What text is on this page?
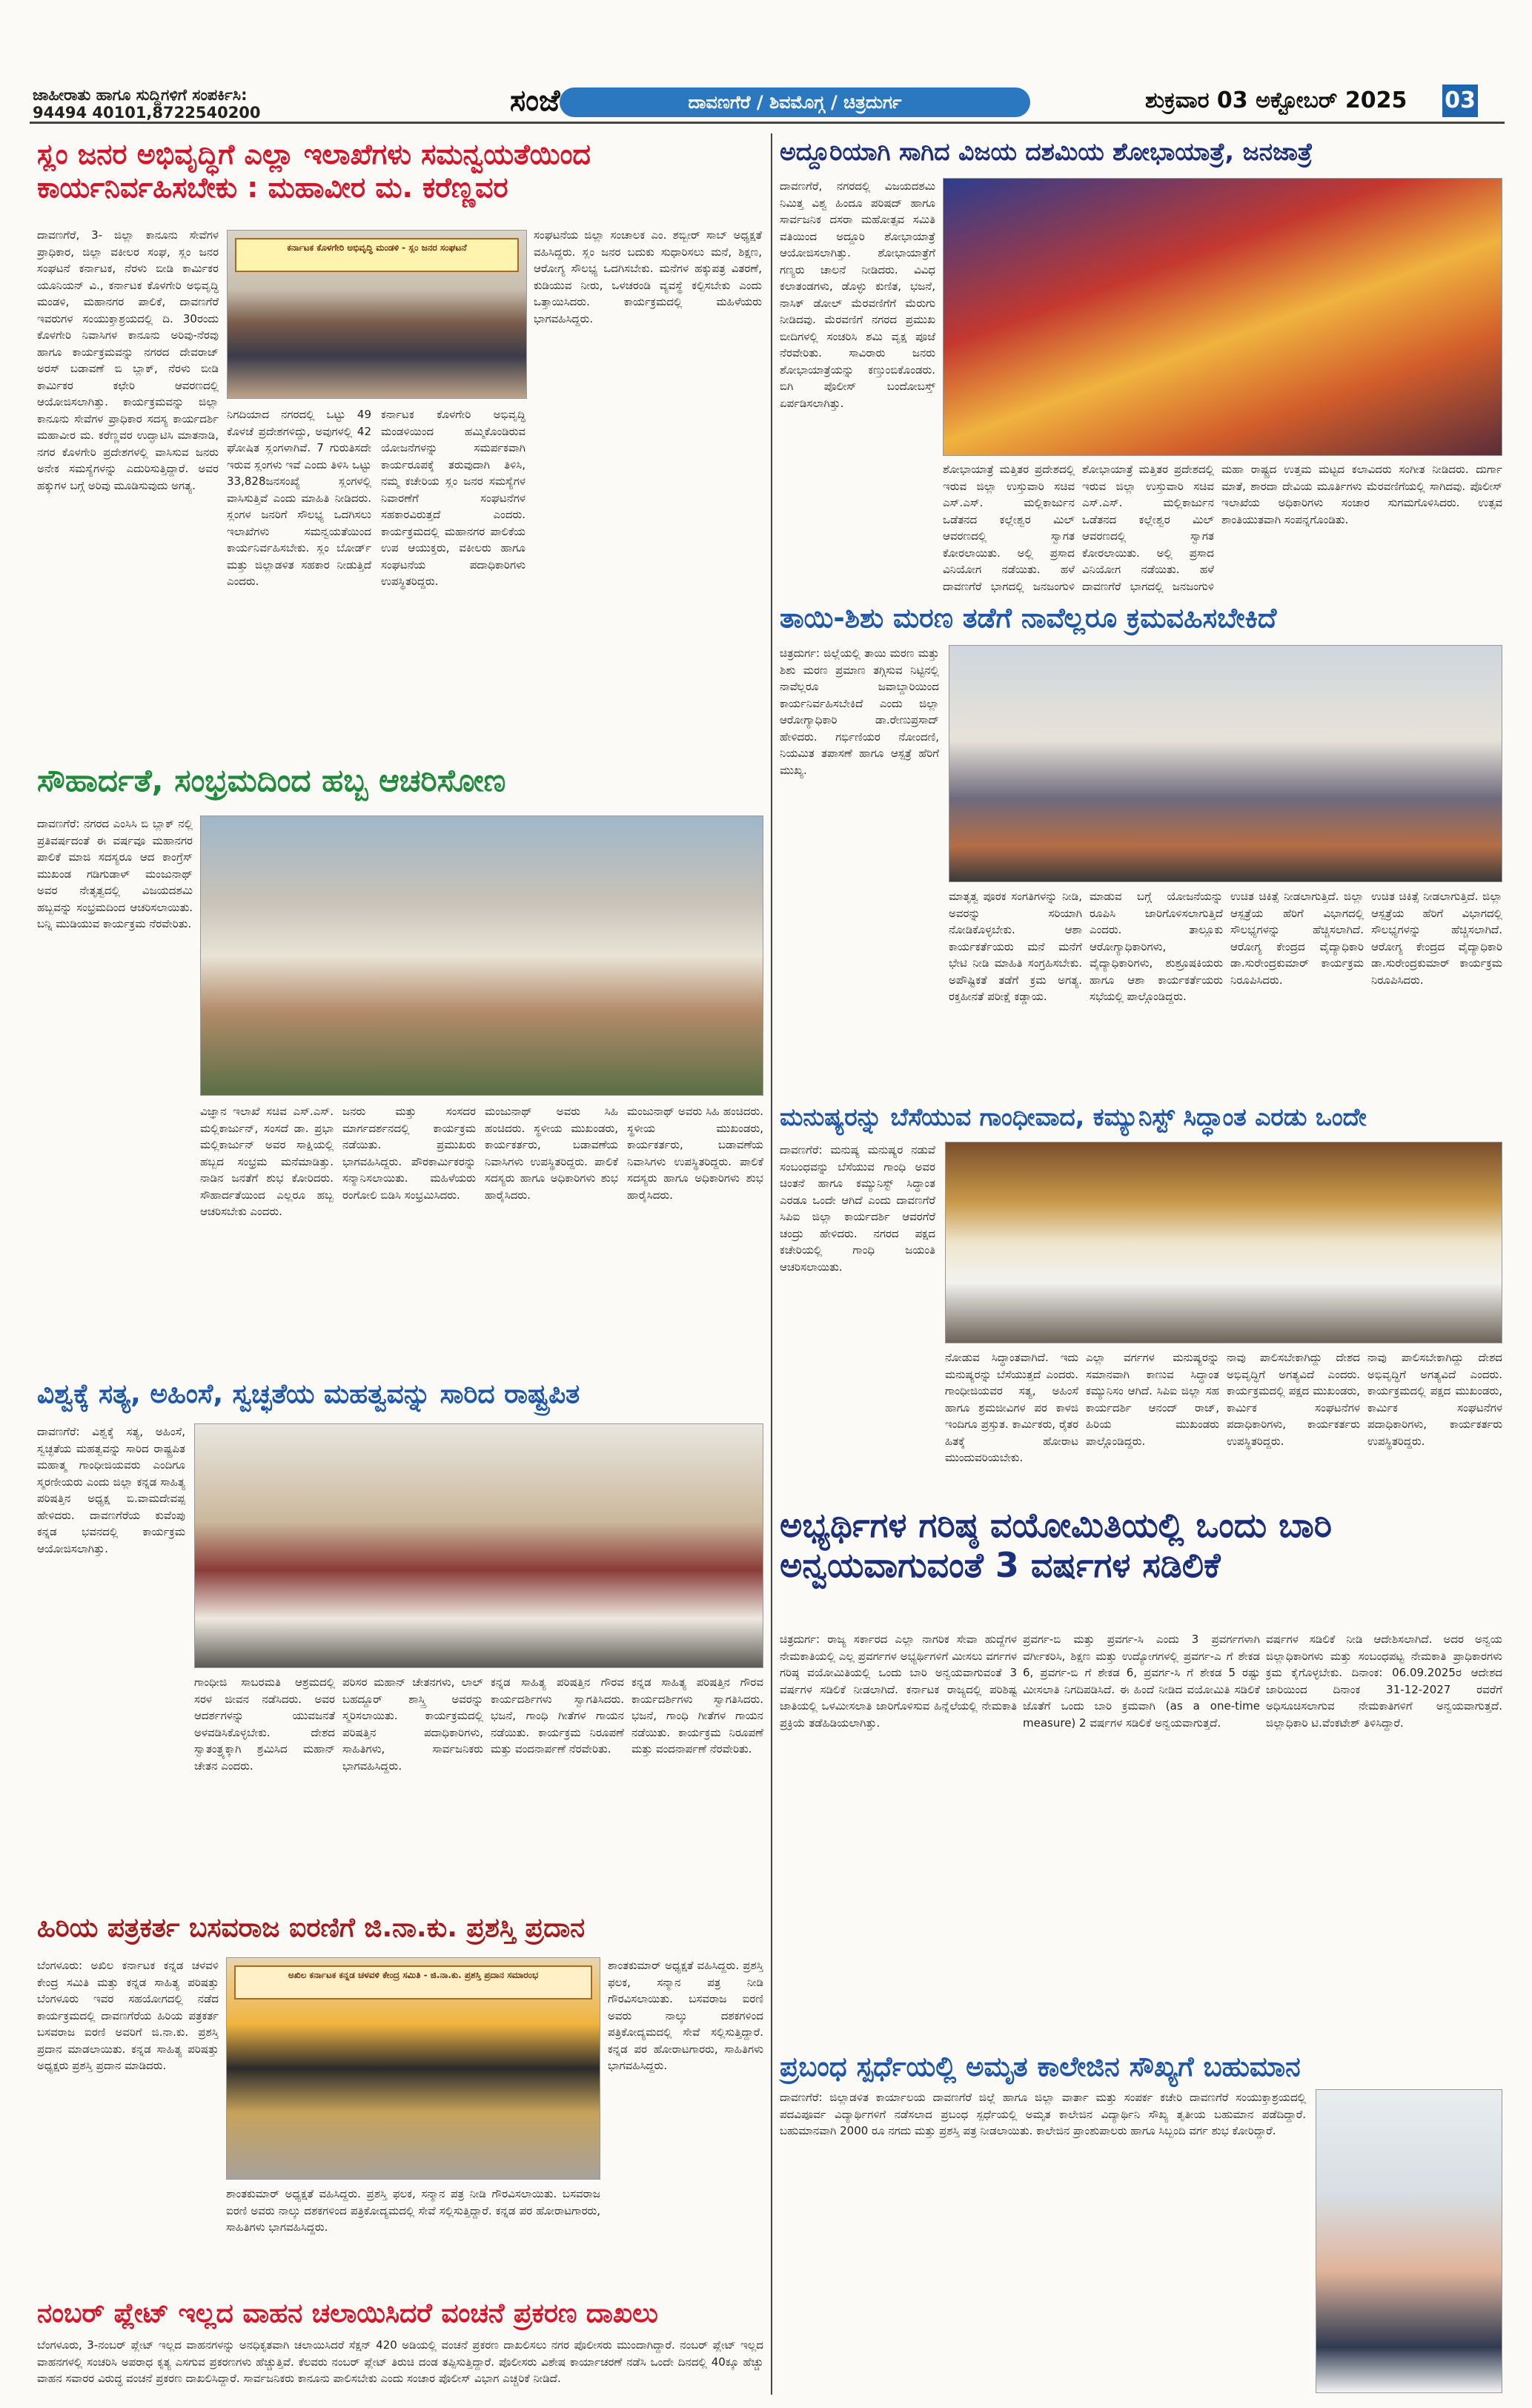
ಜಾಹೀರಾತು ಹಾಗೂ ಸುದ್ದಿಗಳಿಗೆ ಸಂಪರ್ಕಿಸಿ:
94494 40101,8722540200	ಸಂಜೆ	ದಾವಣಗೆರೆ / ಶಿವಮೊಗ್ಗ / ಚಿತ್ರದುರ್ಗ	ಶುಕ್ರವಾರ 03 ಅಕ್ಟೋಬರ್ 2025 03
ಸ್ಲಂ ಜನರ ಅಭಿವೃದ್ಧಿಗೆ ಎಲ್ಲಾ ಇಲಾಖೆಗಳು ಸಮನ್ವಯತೆಯಿಂದ ಕಾರ್ಯನಿರ್ವಹಿಸಬೇಕು : ಮಹಾವೀರ ಮ. ಕರೆಣ್ಣವರ
ಕರ್ನಾಟಕ ಕೊಳಗೇರಿ ಅಭಿವೃದ್ಧಿ ಮಂಡಳಿ - ಸ್ಲಂ ಜನರ ಸಂಘಟನೆ
ದಾವಣಗೆರೆ, 3- ಜಿಲ್ಲಾ ಕಾನೂನು ಸೇವೆಗಳ ಪ್ರಾಧಿಕಾರ, ಜಿಲ್ಲಾ ವಕೀಲರ ಸಂಘ, ಸ್ಲಂ ಜನರ ಸಂಘಟನೆ ಕರ್ನಾಟಕ, ನೆರಳು ಬೀಡಿ ಕಾರ್ಮಿಕರ ಯೂನಿಯನ್ ವಿ., ಕರ್ನಾಟಕ ಕೊಳಗೇರಿ ಅಭಿವೃದ್ಧಿ ಮಂಡಳಿ, ಮಹಾನಗರ ಪಾಲಿಕೆ, ದಾವಣಗೆರೆ ಇವರುಗಳ ಸಂಯುಕ್ತಾಶ್ರಯದಲ್ಲಿ ದಿ. 30ರಂದು ಕೊಳಗೇರಿ ನಿವಾಸಿಗಳ ಕಾನೂನು ಅರಿವು-ನೆರವು ಹಾಗೂ ಕಾರ್ಯಕ್ರಮವನ್ನು ನಗರದ ದೇವರಾಜ್ ಅರಸ್ ಬಡಾವಣೆ ಬಿ ಬ್ಲಾಕ್, ನೆರಳು ಬೀಡಿ ಕಾರ್ಮಿಕರ ಕಛೇರಿ ಆವರಣದಲ್ಲಿ ಆಯೋಜಿಸಲಾಗಿತ್ತು. ಕಾರ್ಯಕ್ರಮವನ್ನು ಜಿಲ್ಲಾ ಕಾನೂನು ಸೇವೆಗಳ ಪ್ರಾಧಿಕಾರ ಸದಸ್ಯ ಕಾರ್ಯದರ್ಶಿ ಮಹಾವೀರ ಮ. ಕರೆಣ್ಣವರ ಉದ್ಘಾಟಿಸಿ ಮಾತನಾಡಿ, ನಗರ ಕೊಳಗೇರಿ ಪ್ರದೇಶಗಳಲ್ಲಿ ವಾಸಿಸುವ ಜನರು ಅನೇಕ ಸಮಸ್ಯೆಗಳನ್ನು ಎದುರಿಸುತ್ತಿದ್ದಾರೆ. ಅವರ ಹಕ್ಕುಗಳ ಬಗ್ಗೆ ಅರಿವು ಮೂಡಿಸುವುದು ಅಗತ್ಯ.
ನಿಗದಿಯಾದ ನಗರದಲ್ಲಿ ಒಟ್ಟು 49 ಕೊಳಚೆ ಪ್ರದೇಶಗಳಿದ್ದು, ಅವುಗಳಲ್ಲಿ 42 ಘೋಷಿತ ಸ್ಲಂಗಳಾಗಿವೆ. 7 ಗುರುತಿಸದೇ ಇರುವ ಸ್ಲಂಗಳು ಇವೆ ಎಂದು ತಿಳಿಸಿ ಒಟ್ಟು 33,828ಜನಸಂಖ್ಯೆ ಸ್ಲಂಗಳಲ್ಲಿ ವಾಸಿಸುತ್ತಿವೆ ಎಂದು ಮಾಹಿತಿ ನೀಡಿದರು. ಸ್ಲಂಗಳ ಜನರಿಗೆ ಸೌಲಭ್ಯ ಒದಗಿಸಲು ಇಲಾಖೆಗಳು ಸಮನ್ವಯತೆಯಿಂದ ಕಾರ್ಯನಿರ್ವಹಿಸಬೇಕು. ಸ್ಲಂ ಬೋರ್ಡ್ ಮತ್ತು ಜಿಲ್ಲಾಡಳಿತ ಸಹಕಾರ ನೀಡುತ್ತಿದೆ ಎಂದರು.
ಕರ್ನಾಟಕ ಕೊಳಗೇರಿ ಅಭಿವೃದ್ಧಿ ಮಂಡಳಿಯಿಂದ ಹಮ್ಮಿಕೊಂಡಿರುವ ಯೋಜನೆಗಳನ್ನು ಸಮರ್ಪಕವಾಗಿ ಕಾರ್ಯರೂಪಕ್ಕೆ ತರುವುದಾಗಿ ತಿಳಿಸಿ, ನಮ್ಮ ಕಚೇರಿಯ ಸ್ಲಂ ಜನರ ಸಮಸ್ಯೆಗಳ ನಿವಾರಣೆಗೆ ಸಂಘಟನೆಗಳ ಸಹಕಾರವಿರುತ್ತದೆ ಎಂದರು. ಕಾರ್ಯಕ್ರಮದಲ್ಲಿ ಮಹಾನಗರ ಪಾಲಿಕೆಯ ಉಪ ಆಯುಕ್ತರು, ವಕೀಲರು ಹಾಗೂ ಸಂಘಟನೆಯ ಪದಾಧಿಕಾರಿಗಳು ಉಪಸ್ಥಿತರಿದ್ದರು.
ಸಂಘಟನೆಯ ಜಿಲ್ಲಾ ಸಂಚಾಲಕ ಎಂ. ಶಬ್ಬೀರ್ ಸಾಬ್ ಅಧ್ಯಕ್ಷತೆ ವಹಿಸಿದ್ದರು. ಸ್ಲಂ ಜನರ ಬದುಕು ಸುಧಾರಿಸಲು ಮನೆ, ಶಿಕ್ಷಣ, ಆರೋಗ್ಯ ಸೌಲಭ್ಯ ಒದಗಿಸಬೇಕು. ಮನೆಗಳ ಹಕ್ಕುಪತ್ರ ವಿತರಣೆ, ಕುಡಿಯುವ ನೀರು, ಒಳಚರಂಡಿ ವ್ಯವಸ್ಥೆ ಕಲ್ಪಿಸಬೇಕು ಎಂದು ಒತ್ತಾಯಿಸಿದರು. ಕಾರ್ಯಕ್ರಮದಲ್ಲಿ ಮಹಿಳೆಯರು ಭಾಗವಹಿಸಿದ್ದರು.
ಸೌಹಾರ್ದತೆ, ಸಂಭ್ರಮದಿಂದ ಹಬ್ಬ ಆಚರಿಸೋಣ
ದಾವಣಗೆರೆ: ನಗರದ ಎಂಸಿಸಿ ಬಿ ಬ್ಲಾಕ್ ನಲ್ಲಿ ಪ್ರತಿವರ್ಷದಂತೆ ಈ ವರ್ಷವೂ ಮಹಾನಗರ ಪಾಲಿಕೆ ಮಾಜಿ ಸದಸ್ಯರೂ ಆದ ಕಾಂಗ್ರೆಸ್ ಮುಖಂಡ ಗಡಿಗುಡಾಳ್ ಮಂಜುನಾಥ್ ಅವರ ನೇತೃತ್ವದಲ್ಲಿ ವಿಜಯದಶಮಿ ಹಬ್ಬವನ್ನು ಸಂಭ್ರಮದಿಂದ ಆಚರಿಸಲಾಯಿತು. ಬನ್ನಿ ಮುಡಿಯುವ ಕಾರ್ಯಕ್ರಮ ನೆರವೇರಿತು.
ವಿಜ್ಞಾನ ಇಲಾಖೆ ಸಚಿವ ಎಸ್.ಎಸ್. ಮಲ್ಲಿಕಾರ್ಜುನ್, ಸಂಸದೆ ಡಾ. ಪ್ರಭಾ ಮಲ್ಲಿಕಾರ್ಜುನ್ ಅವರ ಸಾಕ್ಷಿಯಲ್ಲಿ ಹಬ್ಬದ ಸಂಭ್ರಮ ಮನೆಮಾಡಿತ್ತು. ನಾಡಿನ ಜನತೆಗೆ ಶುಭ ಕೋರಿದರು. ಸೌಹಾರ್ದತೆಯಿಂದ ಎಲ್ಲರೂ ಹಬ್ಬ ಆಚರಿಸಬೇಕು ಎಂದರು.
ಜನರು ಮತ್ತು ಸಂಸದರ ಮಾರ್ಗದರ್ಶನದಲ್ಲಿ ಕಾರ್ಯಕ್ರಮ ನಡೆಯಿತು. ಪ್ರಮುಖರು ಭಾಗವಹಿಸಿದ್ದರು. ಪೌರಕಾರ್ಮಿಕರನ್ನು ಸನ್ಮಾನಿಸಲಾಯಿತು. ಮಹಿಳೆಯರು ರಂಗೋಲಿ ಬಿಡಿಸಿ ಸಂಭ್ರಮಿಸಿದರು.
ಮಂಜುನಾಥ್ ಅವರು ಸಿಹಿ ಹಂಚಿದರು. ಸ್ಥಳೀಯ ಮುಖಂಡರು, ಕಾರ್ಯಕರ್ತರು, ಬಡಾವಣೆಯ ನಿವಾಸಿಗಳು ಉಪಸ್ಥಿತರಿದ್ದರು. ಪಾಲಿಕೆ ಸದಸ್ಯರು ಹಾಗೂ ಅಧಿಕಾರಿಗಳು ಶುಭ ಹಾರೈಸಿದರು.
ಮಂಜುನಾಥ್ ಅವರು ಸಿಹಿ ಹಂಚಿದರು. ಸ್ಥಳೀಯ ಮುಖಂಡರು, ಕಾರ್ಯಕರ್ತರು, ಬಡಾವಣೆಯ ನಿವಾಸಿಗಳು ಉಪಸ್ಥಿತರಿದ್ದರು. ಪಾಲಿಕೆ ಸದಸ್ಯರು ಹಾಗೂ ಅಧಿಕಾರಿಗಳು ಶುಭ ಹಾರೈಸಿದರು.
ವಿಶ್ವಕ್ಕೆ ಸತ್ಯ, ಅಹಿಂಸೆ, ಸ್ವಚ್ಛತೆಯ ಮಹತ್ವವನ್ನು ಸಾರಿದ ರಾಷ್ಟ್ರಪಿತ
ದಾವಣಗೆರೆ: ವಿಶ್ವಕ್ಕೆ ಸತ್ಯ, ಅಹಿಂಸೆ, ಸ್ವಚ್ಛತೆಯ ಮಹತ್ವವನ್ನು ಸಾರಿದ ರಾಷ್ಟ್ರಪಿತ ಮಹಾತ್ಮ ಗಾಂಧೀಜಿಯವರು ಎಂದಿಗೂ ಸ್ಮರಣೀಯರು ಎಂದು ಜಿಲ್ಲಾ ಕನ್ನಡ ಸಾಹಿತ್ಯ ಪರಿಷತ್ತಿನ ಅಧ್ಯಕ್ಷ ಬಿ.ವಾಮದೇವಪ್ಪ ಹೇಳಿದರು. ದಾವಣಗೆರೆಯ ಕುವೆಂಪು ಕನ್ನಡ ಭವನದಲ್ಲಿ ಕಾರ್ಯಕ್ರಮ ಆಯೋಜಿಸಲಾಗಿತ್ತು.
ಗಾಂಧೀಜಿ ಸಾಬರಮತಿ ಆಶ್ರಮದಲ್ಲಿ ಸರಳ ಜೀವನ ನಡೆಸಿದರು. ಅವರ ಆದರ್ಶಗಳನ್ನು ಯುವಜನತೆ ಅಳವಡಿಸಿಕೊಳ್ಳಬೇಕು. ದೇಶದ ಸ್ವಾತಂತ್ರ್ಯಕ್ಕಾಗಿ ಶ್ರಮಿಸಿದ ಮಹಾನ್ ಚೇತನ ಎಂದರು.
ಪರಿಸರ ಮಹಾನ್ ಚೇತನಗಳು, ಲಾಲ್ ಬಹದ್ದೂರ್ ಶಾಸ್ತ್ರಿ ಅವರನ್ನು ಸ್ಮರಿಸಲಾಯಿತು. ಕಾರ್ಯಕ್ರಮದಲ್ಲಿ ಪರಿಷತ್ತಿನ ಪದಾಧಿಕಾರಿಗಳು, ಸಾಹಿತಿಗಳು, ಸಾರ್ವಜನಿಕರು ಭಾಗವಹಿಸಿದ್ದರು.
ಕನ್ನಡ ಸಾಹಿತ್ಯ ಪರಿಷತ್ತಿನ ಗೌರವ ಕಾರ್ಯದರ್ಶಿಗಳು ಸ್ವಾಗತಿಸಿದರು. ಭಜನೆ, ಗಾಂಧಿ ಗೀತೆಗಳ ಗಾಯನ ನಡೆಯಿತು. ಕಾರ್ಯಕ್ರಮ ನಿರೂಪಣೆ ಮತ್ತು ವಂದನಾರ್ಪಣೆ ನೆರವೇರಿತು.
ಕನ್ನಡ ಸಾಹಿತ್ಯ ಪರಿಷತ್ತಿನ ಗೌರವ ಕಾರ್ಯದರ್ಶಿಗಳು ಸ್ವಾಗತಿಸಿದರು. ಭಜನೆ, ಗಾಂಧಿ ಗೀತೆಗಳ ಗಾಯನ ನಡೆಯಿತು. ಕಾರ್ಯಕ್ರಮ ನಿರೂಪಣೆ ಮತ್ತು ವಂದನಾರ್ಪಣೆ ನೆರವೇರಿತು.
ಹಿರಿಯ ಪತ್ರಕರ್ತ ಬಸವರಾಜ ಐರಣಿಗೆ ಜಿ.ನಾ.ಕು. ಪ್ರಶಸ್ತಿ ಪ್ರದಾನ
ಬೆಂಗಳೂರು: ಅಖಿಲ ಕರ್ನಾಟಕ ಕನ್ನಡ ಚಳವಳಿ ಕೇಂದ್ರ ಸಮಿತಿ ಮತ್ತು ಕನ್ನಡ ಸಾಹಿತ್ಯ ಪರಿಷತ್ತು ಬೆಂಗಳೂರು ಇವರ ಸಹಯೋಗದಲ್ಲಿ ನಡೆದ ಕಾರ್ಯಕ್ರಮದಲ್ಲಿ ದಾವಣಗೆರೆಯ ಹಿರಿಯ ಪತ್ರಕರ್ತ ಬಸವರಾಜ ಐರಣಿ ಅವರಿಗೆ ಜಿ.ನಾ.ಕು. ಪ್ರಶಸ್ತಿ ಪ್ರದಾನ ಮಾಡಲಾಯಿತು. ಕನ್ನಡ ಸಾಹಿತ್ಯ ಪರಿಷತ್ತು ಅಧ್ಯಕ್ಷರು ಪ್ರಶಸ್ತಿ ಪ್ರದಾನ ಮಾಡಿದರು.
ಅಖಿಲ ಕರ್ನಾಟಕ ಕನ್ನಡ ಚಳವಳಿ ಕೇಂದ್ರ ಸಮಿತಿ - ಜಿ.ನಾ.ಕು. ಪ್ರಶಸ್ತಿ ಪ್ರದಾನ ಸಮಾರಂಭ
ಶಾಂತಕುಮಾರ್ ಅಧ್ಯಕ್ಷತೆ ವಹಿಸಿದ್ದರು. ಪ್ರಶಸ್ತಿ ಫಲಕ, ಸನ್ಮಾನ ಪತ್ರ ನೀಡಿ ಗೌರವಿಸಲಾಯಿತು. ಬಸವರಾಜ ಐರಣಿ ಅವರು ನಾಲ್ಕು ದಶಕಗಳಿಂದ ಪತ್ರಿಕೋದ್ಯಮದಲ್ಲಿ ಸೇವೆ ಸಲ್ಲಿಸುತ್ತಿದ್ದಾರೆ. ಕನ್ನಡ ಪರ ಹೋರಾಟಗಾರರು, ಸಾಹಿತಿಗಳು ಭಾಗವಹಿಸಿದ್ದರು.
ಶಾಂತಕುಮಾರ್ ಅಧ್ಯಕ್ಷತೆ ವಹಿಸಿದ್ದರು. ಪ್ರಶಸ್ತಿ ಫಲಕ, ಸನ್ಮಾನ ಪತ್ರ ನೀಡಿ ಗೌರವಿಸಲಾಯಿತು. ಬಸವರಾಜ ಐರಣಿ ಅವರು ನಾಲ್ಕು ದಶಕಗಳಿಂದ ಪತ್ರಿಕೋದ್ಯಮದಲ್ಲಿ ಸೇವೆ ಸಲ್ಲಿಸುತ್ತಿದ್ದಾರೆ. ಕನ್ನಡ ಪರ ಹೋರಾಟಗಾರರು, ಸಾಹಿತಿಗಳು ಭಾಗವಹಿಸಿದ್ದರು.
ನಂಬರ್ ಪ್ಲೇಟ್ ಇಲ್ಲದ ವಾಹನ ಚಲಾಯಿಸಿದರೆ ವಂಚನೆ ಪ್ರಕರಣ ದಾಖಲು
ಬೆಂಗಳೂರು, 3-ನಂಬರ್ ಪ್ಲೇಟ್ ಇಲ್ಲದ ವಾಹನಗಳನ್ನು ಅನಧಿಕೃತವಾಗಿ ಚಲಾಯಿಸಿದರೆ ಸೆಕ್ಷನ್ 420 ಅಡಿಯಲ್ಲಿ ವಂಚನೆ ಪ್ರಕರಣ ದಾಖಲಿಸಲು ನಗರ ಪೊಲೀಸರು ಮುಂದಾಗಿದ್ದಾರೆ. ನಂಬರ್ ಪ್ಲೇಟ್ ಇಲ್ಲದ ವಾಹನಗಳಲ್ಲಿ ಸಂಚರಿಸಿ ಅಪರಾಧ ಕೃತ್ಯ ಎಸಗುವ ಪ್ರಕರಣಗಳು ಹೆಚ್ಚುತ್ತಿವೆ. ಕೆಲವರು ನಂಬರ್ ಪ್ಲೇಟ್ ತಿರುಚಿ ದಂಡ ತಪ್ಪಿಸುತ್ತಿದ್ದಾರೆ. ಪೊಲೀಸರು ವಿಶೇಷ ಕಾರ್ಯಾಚರಣೆ ನಡೆಸಿ ಒಂದೇ ದಿನದಲ್ಲಿ 40ಕ್ಕೂ ಹೆಚ್ಚು ವಾಹನ ಸವಾರರ ವಿರುದ್ಧ ವಂಚನೆ ಪ್ರಕರಣ ದಾಖಲಿಸಿದ್ದಾರೆ. ಸಾರ್ವಜನಿಕರು ಕಾನೂನು ಪಾಲಿಸಬೇಕು ಎಂದು ಸಂಚಾರ ಪೊಲೀಸ್ ವಿಭಾಗ ಎಚ್ಚರಿಕೆ ನೀಡಿದೆ.
ಅದ್ದೂರಿಯಾಗಿ ಸಾಗಿದ ವಿಜಯ ದಶಮಿಯ ಶೋಭಾಯಾತ್ರೆ, ಜನಜಾತ್ರೆ
ದಾವಣಗೆರೆ, ನಗರದಲ್ಲಿ ವಿಜಯದಶಮಿ ನಿಮಿತ್ತ ವಿಶ್ವ ಹಿಂದೂ ಪರಿಷದ್ ಹಾಗೂ ಸಾರ್ವಜನಿಕ ದಸರಾ ಮಹೋತ್ಸವ ಸಮಿತಿ ವತಿಯಿಂದ ಅದ್ದೂರಿ ಶೋಭಾಯಾತ್ರೆ ಆಯೋಜಿಸಲಾಗಿತ್ತು. ಶೋಭಾಯಾತ್ರೆಗೆ ಗಣ್ಯರು ಚಾಲನೆ ನೀಡಿದರು. ವಿವಿಧ ಕಲಾತಂಡಗಳು, ಡೊಳ್ಳು ಕುಣಿತ, ಭಜನೆ, ನಾಸಿಕ್ ಡೋಲ್ ಮೆರವಣಿಗೆಗೆ ಮೆರುಗು ನೀಡಿದವು. ಮೆರವಣಿಗೆ ನಗರದ ಪ್ರಮುಖ ಬೀದಿಗಳಲ್ಲಿ ಸಂಚರಿಸಿ ಶಮಿ ವೃಕ್ಷ ಪೂಜೆ ನೆರವೇರಿತು. ಸಾವಿರಾರು ಜನರು ಶೋಭಾಯಾತ್ರೆಯನ್ನು ಕಣ್ತುಂಬಿಕೊಂಡರು. ಬಿಗಿ ಪೊಲೀಸ್ ಬಂದೋಬಸ್ತ್ ಏರ್ಪಡಿಸಲಾಗಿತ್ತು.
ಶೋಭಾಯಾತ್ರೆ ಮತ್ತಿತರ ಪ್ರದೇಶದಲ್ಲಿ ಇರುವ ಜಿಲ್ಲಾ ಉಸ್ತುವಾರಿ ಸಚಿವ ಎಸ್.ಎಸ್. ಮಲ್ಲಿಕಾರ್ಜುನ ಒಡೆತನದ ಕಲ್ಲೇಶ್ವರ ಮಿಲ್ ಆವರಣದಲ್ಲಿ ಸ್ವಾಗತ ಕೋರಲಾಯಿತು. ಅಲ್ಲಿ ಪ್ರಸಾದ ವಿನಿಯೋಗ ನಡೆಯಿತು. ಹಳೆ ದಾವಣಗೆರೆ ಭಾಗದಲ್ಲಿ ಜನಜಂಗುಳಿ
ಶೋಭಾಯಾತ್ರೆ ಮತ್ತಿತರ ಪ್ರದೇಶದಲ್ಲಿ ಇರುವ ಜಿಲ್ಲಾ ಉಸ್ತುವಾರಿ ಸಚಿವ ಎಸ್.ಎಸ್. ಮಲ್ಲಿಕಾರ್ಜುನ ಒಡೆತನದ ಕಲ್ಲೇಶ್ವರ ಮಿಲ್ ಆವರಣದಲ್ಲಿ ಸ್ವಾಗತ ಕೋರಲಾಯಿತು. ಅಲ್ಲಿ ಪ್ರಸಾದ ವಿನಿಯೋಗ ನಡೆಯಿತು. ಹಳೆ ದಾವಣಗೆರೆ ಭಾಗದಲ್ಲಿ ಜನಜಂಗುಳಿ
ಮಹಾ ರಾಷ್ಟ್ರದ ಉತ್ತಮ ಮಟ್ಟದ ಕಲಾವಿದರು ಸಂಗೀತ ನೀಡಿದರು. ದುರ್ಗಾ ಮಾತೆ, ಶಾರದಾ ದೇವಿಯ ಮೂರ್ತಿಗಳು ಮೆರವಣಿಗೆಯಲ್ಲಿ ಸಾಗಿದವು. ಪೊಲೀಸ್ ಇಲಾಖೆಯ ಅಧಿಕಾರಿಗಳು ಸಂಚಾರ ಸುಗಮಗೊಳಿಸಿದರು. ಉತ್ಸವ ಶಾಂತಿಯುತವಾಗಿ ಸಂಪನ್ನಗೊಂಡಿತು.
ತಾಯಿ-ಶಿಶು ಮರಣ ತಡೆಗೆ ನಾವೆಲ್ಲರೂ ಕ್ರಮವಹಿಸಬೇಕಿದೆ
ಚಿತ್ರದುರ್ಗ: ಜಿಲ್ಲೆಯಲ್ಲಿ ತಾಯಿ ಮರಣ ಮತ್ತು ಶಿಶು ಮರಣ ಪ್ರಮಾಣ ತಗ್ಗಿಸುವ ನಿಟ್ಟಿನಲ್ಲಿ ನಾವೆಲ್ಲರೂ ಜವಾಬ್ದಾರಿಯಿಂದ ಕಾರ್ಯನಿರ್ವಹಿಸಬೇಕಿದೆ ಎಂದು ಜಿಲ್ಲಾ ಆರೋಗ್ಯಾಧಿಕಾರಿ ಡಾ.ರೇಣುಪ್ರಸಾದ್ ಹೇಳಿದರು. ಗರ್ಭಿಣಿಯರ ನೋಂದಣಿ, ನಿಯಮಿತ ತಪಾಸಣೆ ಹಾಗೂ ಆಸ್ಪತ್ರೆ ಹೆರಿಗೆ ಮುಖ್ಯ.
ಮಾತೃತ್ವ ಪೂರಕ ಸಂಗತಿಗಳನ್ನು ನೀಡಿ, ಅವರನ್ನು ಸರಿಯಾಗಿ ನೋಡಿಕೊಳ್ಳಬೇಕು. ಆಶಾ ಕಾರ್ಯಕರ್ತೆಯರು ಮನೆ ಮನೆಗೆ ಭೇಟಿ ನೀಡಿ ಮಾಹಿತಿ ಸಂಗ್ರಹಿಸಬೇಕು. ಅಪೌಷ್ಟಿಕತೆ ತಡೆಗೆ ಕ್ರಮ ಅಗತ್ಯ. ರಕ್ತಹೀನತೆ ಪರೀಕ್ಷೆ ಕಡ್ಡಾಯ.
ಮಾಡುವ ಬಗ್ಗೆ ಯೋಜನೆಯನ್ನು ರೂಪಿಸಿ ಜಾರಿಗೊಳಿಸಲಾಗುತ್ತಿದೆ ಎಂದರು. ತಾಲ್ಲೂಕು ಆರೋಗ್ಯಾಧಿಕಾರಿಗಳು, ವೈದ್ಯಾಧಿಕಾರಿಗಳು, ಶುಶ್ರೂಷಕಿಯರು ಹಾಗೂ ಆಶಾ ಕಾರ್ಯಕರ್ತೆಯರು ಸಭೆಯಲ್ಲಿ ಪಾಲ್ಗೊಂಡಿದ್ದರು.
ಉಚಿತ ಚಿಕಿತ್ಸೆ ನೀಡಲಾಗುತ್ತಿದೆ. ಜಿಲ್ಲಾ ಆಸ್ಪತ್ರೆಯ ಹೆರಿಗೆ ವಿಭಾಗದಲ್ಲಿ ಸೌಲಭ್ಯಗಳನ್ನು ಹೆಚ್ಚಿಸಲಾಗಿದೆ. ಆರೋಗ್ಯ ಕೇಂದ್ರದ ವೈದ್ಯಾಧಿಕಾರಿ ಡಾ.ಸುರೇಂದ್ರಕುಮಾರ್ ಕಾರ್ಯಕ್ರಮ ನಿರೂಪಿಸಿದರು.
ಉಚಿತ ಚಿಕಿತ್ಸೆ ನೀಡಲಾಗುತ್ತಿದೆ. ಜಿಲ್ಲಾ ಆಸ್ಪತ್ರೆಯ ಹೆರಿಗೆ ವಿಭಾಗದಲ್ಲಿ ಸೌಲಭ್ಯಗಳನ್ನು ಹೆಚ್ಚಿಸಲಾಗಿದೆ. ಆರೋಗ್ಯ ಕೇಂದ್ರದ ವೈದ್ಯಾಧಿಕಾರಿ ಡಾ.ಸುರೇಂದ್ರಕುಮಾರ್ ಕಾರ್ಯಕ್ರಮ ನಿರೂಪಿಸಿದರು.
ಮನುಷ್ಯರನ್ನು ಬೆಸೆಯುವ ಗಾಂಧೀವಾದ, ಕಮ್ಯುನಿಸ್ಟ್ ಸಿದ್ಧಾಂತ ಎರಡು ಒಂದೇ
ದಾವಣಗೆರೆ: ಮನುಷ್ಯ ಮನುಷ್ಯರ ನಡುವೆ ಸಂಬಂಧವನ್ನು ಬೆಸೆಯುವ ಗಾಂಧಿ ಅವರ ಚಿಂತನೆ ಹಾಗೂ ಕಮ್ಯುನಿಸ್ಟ್ ಸಿದ್ಧಾಂತ ಎರಡೂ ಒಂದೇ ಆಗಿದೆ ಎಂದು ದಾವಣಗೆರೆ ಸಿಪಿಐ ಜಿಲ್ಲಾ ಕಾರ್ಯದರ್ಶಿ ಆವರಗೆರೆ ಚಂದ್ರು ಹೇಳಿದರು. ನಗರದ ಪಕ್ಷದ ಕಚೇರಿಯಲ್ಲಿ ಗಾಂಧಿ ಜಯಂತಿ ಆಚರಿಸಲಾಯಿತು.
ನೋಡುವ ಸಿದ್ಧಾಂತವಾಗಿದೆ. ಇದು ಮನುಷ್ಯರನ್ನು ಬೆಸೆಯುತ್ತದೆ ಎಂದರು. ಗಾಂಧೀಜಿಯವರ ಸತ್ಯ, ಅಹಿಂಸೆ ಹಾಗೂ ಶ್ರಮಜೀವಿಗಳ ಪರ ಕಾಳಜಿ ಇಂದಿಗೂ ಪ್ರಸ್ತುತ. ಕಾರ್ಮಿಕರು, ರೈತರ ಹಿತಕ್ಕೆ ಹೋರಾಟ ಮುಂದುವರಿಯಬೇಕು.
ಎಲ್ಲಾ ವರ್ಗಗಳ ಮನುಷ್ಯರನ್ನು ಸಮಾನವಾಗಿ ಕಾಣುವ ಸಿದ್ಧಾಂತ ಕಮ್ಯುನಿಸಂ ಆಗಿದೆ. ಸಿಪಿಐ ಜಿಲ್ಲಾ ಸಹ ಕಾರ್ಯದರ್ಶಿ ಆನಂದ್ ರಾಜ್, ಹಿರಿಯ ಮುಖಂಡರು ಪಾಲ್ಗೊಂಡಿದ್ದರು.
ನಾವು ಪಾಲಿಸಬೇಕಾಗಿದ್ದು ದೇಶದ ಅಭಿವೃದ್ಧಿಗೆ ಅಗತ್ಯವಿದೆ ಎಂದರು. ಕಾರ್ಯಕ್ರಮದಲ್ಲಿ ಪಕ್ಷದ ಮುಖಂಡರು, ಕಾರ್ಮಿಕ ಸಂಘಟನೆಗಳ ಪದಾಧಿಕಾರಿಗಳು, ಕಾರ್ಯಕರ್ತರು ಉಪಸ್ಥಿತರಿದ್ದರು.
ನಾವು ಪಾಲಿಸಬೇಕಾಗಿದ್ದು ದೇಶದ ಅಭಿವೃದ್ಧಿಗೆ ಅಗತ್ಯವಿದೆ ಎಂದರು. ಕಾರ್ಯಕ್ರಮದಲ್ಲಿ ಪಕ್ಷದ ಮುಖಂಡರು, ಕಾರ್ಮಿಕ ಸಂಘಟನೆಗಳ ಪದಾಧಿಕಾರಿಗಳು, ಕಾರ್ಯಕರ್ತರು ಉಪಸ್ಥಿತರಿದ್ದರು.
ಅಭ್ಯರ್ಥಿಗಳ ಗರಿಷ್ಠ ವಯೋಮಿತಿಯಲ್ಲಿ ಒಂದು ಬಾರಿ ಅನ್ವಯವಾಗುವಂತೆ 3 ವರ್ಷಗಳ ಸಡಿಲಿಕೆ
ಚಿತ್ರದುರ್ಗ: ರಾಜ್ಯ ಸರ್ಕಾರದ ಎಲ್ಲಾ ನಾಗರಿಕ ಸೇವಾ ಹುದ್ದೆಗಳ ನೇಮಕಾತಿಯಲ್ಲಿ ಎಲ್ಲ ಪ್ರವರ್ಗಗಳ ಅಭ್ಯರ್ಥಿಗಳಿಗೆ ಮೀಸಲು ವರ್ಗಗಳ ಗರಿಷ್ಠ ವಯೋಮಿತಿಯಲ್ಲಿ ಒಂದು ಬಾರಿ ಅನ್ವಯವಾಗುವಂತೆ 3 ವರ್ಷಗಳ ಸಡಿಲಿಕೆ ನೀಡಲಾಗಿದೆ. ಕರ್ನಾಟಕ ರಾಜ್ಯದಲ್ಲಿ ಪರಿಶಿಷ್ಟ ಜಾತಿಯಲ್ಲಿ ಒಳಮೀಸಲಾತಿ ಜಾರಿಗೊಳಿಸುವ ಹಿನ್ನೆಲೆಯಲ್ಲಿ ನೇಮಕಾತಿ ಪ್ರಕ್ರಿಯೆ ತಡೆಹಿಡಿಯಲಾಗಿತ್ತು.
ಪ್ರವರ್ಗ-ಬಿ ಮತ್ತು ಪ್ರವರ್ಗ-ಸಿ ಎಂದು 3 ಪ್ರವರ್ಗಗಳಾಗಿ ವರ್ಗೀಕರಿಸಿ, ಶಿಕ್ಷಣ ಮತ್ತು ಉದ್ಯೋಗಗಳಲ್ಲಿ ಪ್ರವರ್ಗ-ಎ ಗೆ ಶೇಕಡ 6, ಪ್ರವರ್ಗ-ಬಿ ಗೆ ಶೇಕಡ 6, ಪ್ರವರ್ಗ-ಸಿ ಗೆ ಶೇಕಡ 5 ರಷ್ಟು ಮೀಸಲಾತಿ ನಿಗದಿಪಡಿಸಿದೆ. ಈ ಹಿಂದೆ ನೀಡಿದ ವಯೋಮಿತಿ ಸಡಿಲಿಕೆ ಜೊತೆಗೆ ಒಂದು ಬಾರಿ ಕ್ರಮವಾಗಿ (as a one-time measure) 2 ವರ್ಷಗಳ ಸಡಿಲಿಕೆ ಅನ್ವಯವಾಗುತ್ತದೆ.
ವರ್ಷಗಳ ಸಡಿಲಿಕೆ ನೀಡಿ ಆದೇಶಿಸಲಾಗಿದೆ. ಅದರ ಅನ್ವಯ ಜಿಲ್ಲಾಧಿಕಾರಿಗಳು ಮತ್ತು ಸಂಬಂಧಪಟ್ಟ ನೇಮಕಾತಿ ಪ್ರಾಧಿಕಾರಗಳು ಕ್ರಮ ಕೈಗೊಳ್ಳಬೇಕು. ದಿನಾಂಕ: 06.09.2025ರ ಆದೇಶದ ಜಾರಿಯಿಂದ ದಿನಾಂಕ 31-12-2027 ರವರೆಗೆ ಅಧಿಸೂಚಿಸಲಾಗುವ ನೇಮಕಾತಿಗಳಿಗೆ ಅನ್ವಯವಾಗುತ್ತದೆ. ಜಿಲ್ಲಾಧಿಕಾರಿ ಟಿ.ವೆಂಕಟೇಶ್ ತಿಳಿಸಿದ್ದಾರೆ.
ಪ್ರಬಂಧ ಸ್ಪರ್ಧೆಯಲ್ಲಿ ಅಮೃತ ಕಾಲೇಜಿನ ಸೌಖ್ಯಗೆ ಬಹುಮಾನ
ದಾವಣಗೆರೆ: ಜಿಲ್ಲಾಡಳಿತ ಕಾರ್ಯಾಲಯ ದಾವಣಗೆರೆ ಜಿಲ್ಲೆ ಹಾಗೂ ಜಿಲ್ಲಾ ವಾರ್ತಾ ಮತ್ತು ಸಂಪರ್ಕ ಕಚೇರಿ ದಾವಣಗೆರೆ ಸಂಯುಕ್ತಾಶ್ರಯದಲ್ಲಿ ಪದವಿಪೂರ್ವ ವಿದ್ಯಾರ್ಥಿಗಳಿಗೆ ನಡೆಸಲಾದ ಪ್ರಬಂಧ ಸ್ಪರ್ಧೆಯಲ್ಲಿ ಅಮೃತ ಕಾಲೇಜಿನ ವಿದ್ಯಾರ್ಥಿನಿ ಸೌಖ್ಯ ತೃತೀಯ ಬಹುಮಾನ ಪಡೆದಿದ್ದಾರೆ. ಬಹುಮಾನವಾಗಿ 2000 ರೂ ನಗದು ಮತ್ತು ಪ್ರಶಸ್ತಿ ಪತ್ರ ನೀಡಲಾಯಿತು. ಕಾಲೇಜಿನ ಪ್ರಾಂಶುಪಾಲರು ಹಾಗೂ ಸಿಬ್ಬಂದಿ ವರ್ಗ ಶುಭ ಕೋರಿದ್ದಾರೆ.
